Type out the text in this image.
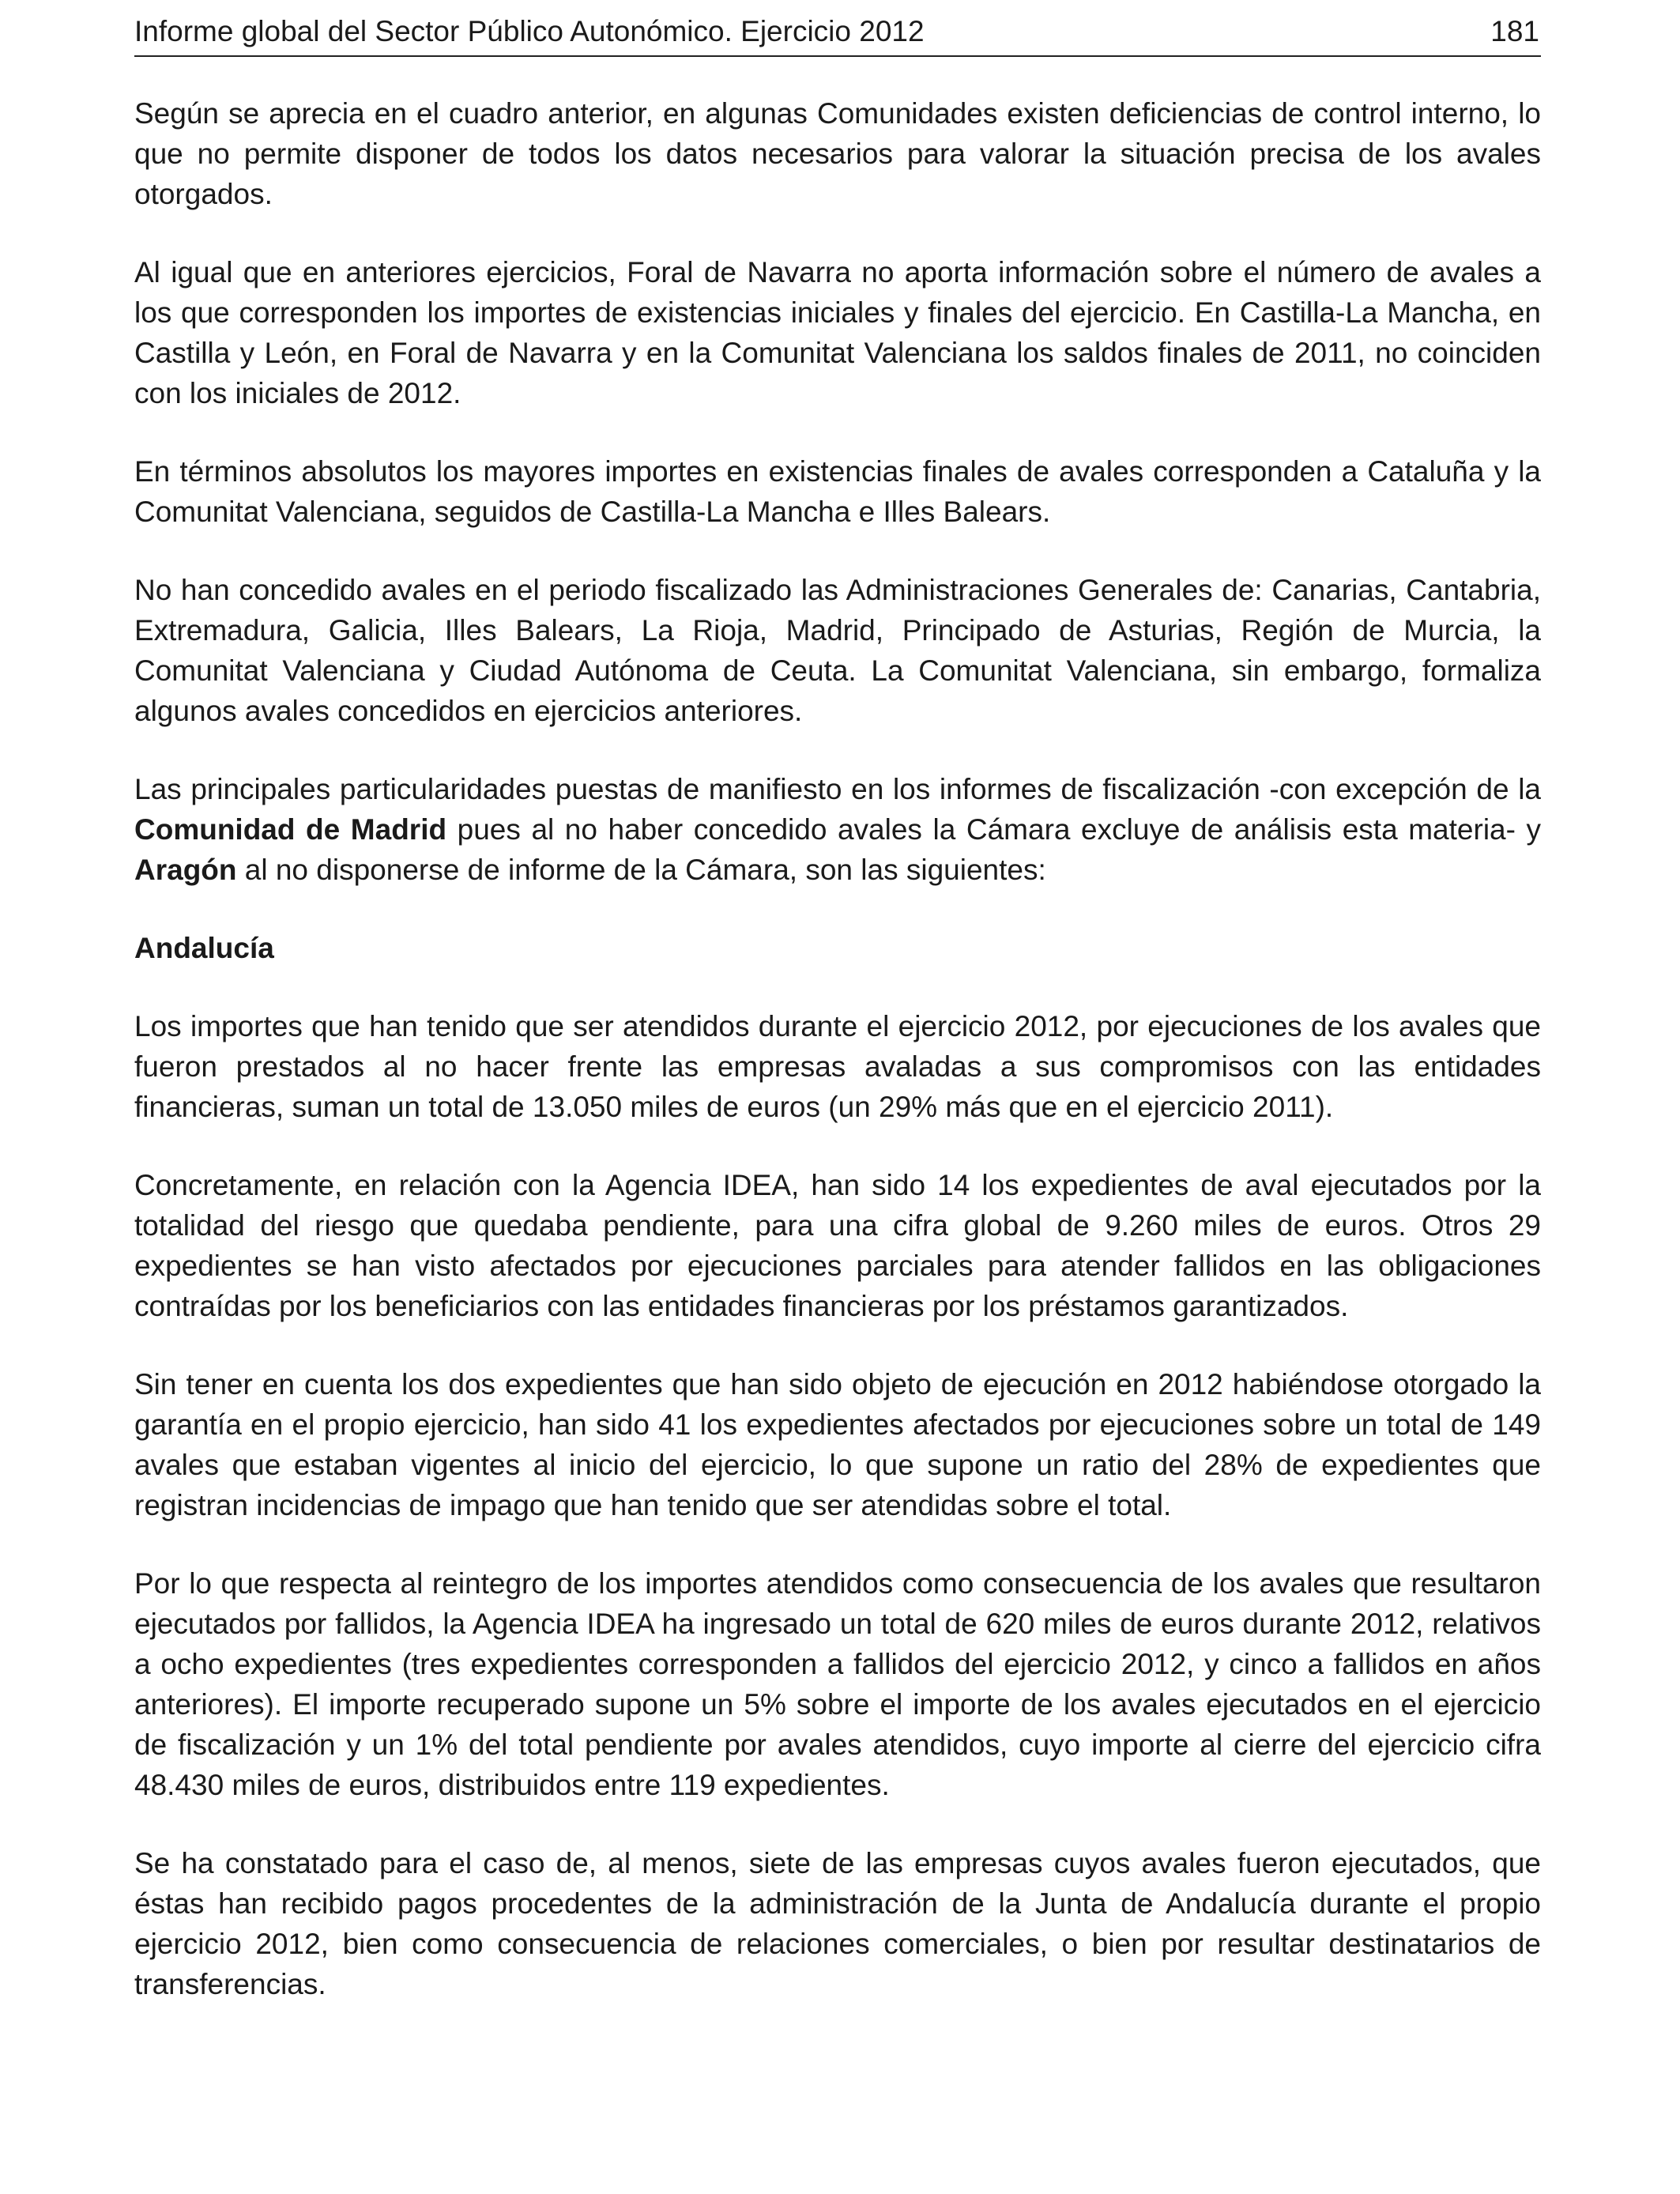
Informe global del Sector Público Autonómico. Ejercicio 2012	181

Según se aprecia en el cuadro anterior, en algunas Comunidades existen deficiencias de control interno, lo que no permite disponer de todos los datos necesarios para valorar la situación precisa de los avales otorgados.

Al igual que en anteriores ejercicios, Foral de Navarra no aporta información sobre el número de avales a los que corresponden los importes de existencias iniciales y finales del ejercicio. En Castilla-La Mancha, en Castilla y León, en Foral de Navarra y en la Comunitat Valenciana los saldos finales de 2011, no coinciden con los iniciales de 2012.

En términos absolutos los mayores importes en existencias finales de avales corresponden a Cataluña y la Comunitat Valenciana, seguidos de Castilla-La Mancha e Illes Balears.

No han concedido avales en el periodo fiscalizado las Administraciones Generales de: Canarias, Cantabria, Extremadura, Galicia, Illes Balears, La Rioja, Madrid, Principado de Asturias, Región de Murcia, la Comunitat Valenciana y Ciudad Autónoma de Ceuta. La Comunitat Valenciana, sin embargo, formaliza algunos avales concedidos en ejercicios anteriores.

Las principales particularidades puestas de manifiesto en los informes de fiscalización -con excepción de la Comunidad de Madrid pues al no haber concedido avales la Cámara excluye de análisis esta materia- y Aragón al no disponerse de informe de la Cámara, son las siguientes:

Andalucía

Los importes que han tenido que ser atendidos durante el ejercicio 2012, por ejecuciones de los avales que fueron prestados al no hacer frente las empresas avaladas a sus compromisos con las entidades financieras, suman un total de 13.050 miles de euros (un 29% más que en el ejercicio 2011).

Concretamente, en relación con la Agencia IDEA, han sido 14 los expedientes de aval ejecutados por la totalidad del riesgo que quedaba pendiente, para una cifra global de 9.260 miles de euros. Otros 29 expedientes se han visto afectados por ejecuciones parciales para atender fallidos en las obligaciones contraídas por los beneficiarios con las entidades financieras por los préstamos garantizados.

Sin tener en cuenta los dos expedientes que han sido objeto de ejecución en 2012 habiéndose otorgado la garantía en el propio ejercicio, han sido 41 los expedientes afectados por ejecuciones sobre un total de 149 avales que estaban vigentes al inicio del ejercicio, lo que supone un ratio del 28% de expedientes que registran incidencias de impago que han tenido que ser atendidas sobre el total.

Por lo que respecta al reintegro de los importes atendidos como consecuencia de los avales que resultaron ejecutados por fallidos, la Agencia IDEA ha ingresado un total de 620 miles de euros durante 2012, relativos a ocho expedientes (tres expedientes corresponden a fallidos del ejercicio 2012, y cinco a fallidos en años anteriores). El importe recuperado supone un 5% sobre el importe de los avales ejecutados en el ejercicio de fiscalización y un 1% del total pendiente por avales atendidos, cuyo importe al cierre del ejercicio cifra 48.430 miles de euros, distribuidos entre 119 expedientes.

Se ha constatado para el caso de, al menos, siete de las empresas cuyos avales fueron ejecutados, que éstas han recibido pagos procedentes de la administración de la Junta de Andalucía durante el propio ejercicio 2012, bien como consecuencia de relaciones comerciales, o bien por resultar destinatarios de transferencias.
